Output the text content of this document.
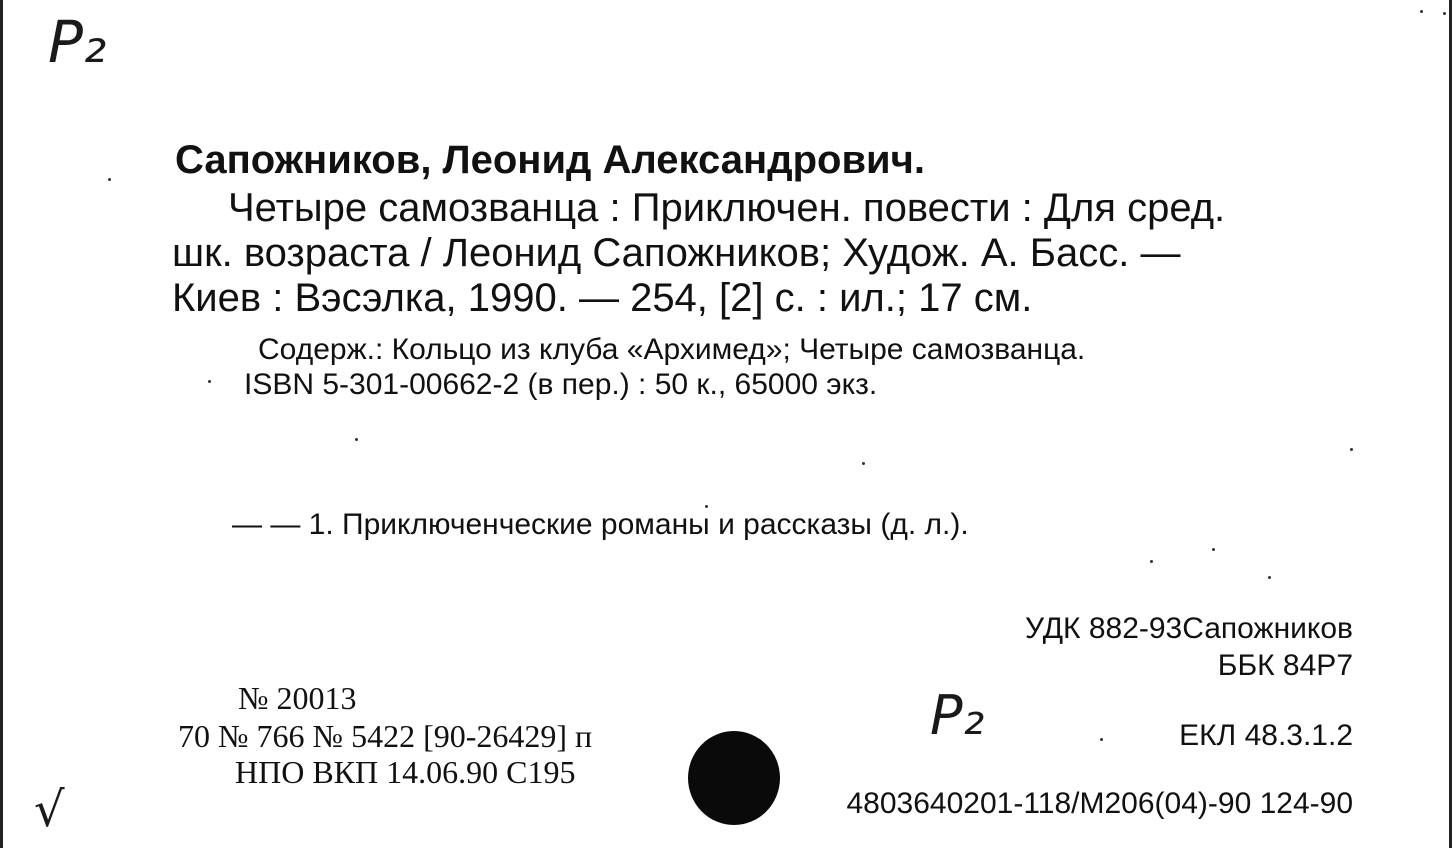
P₂
P₂
√
Сапожников, Леонид Александрович.
Четыре самозванца : Приключен. повести : Для сред.
шк. возраста / Леонид Сапожников; Худож. А. Басс. —
Киев : Вэсэлка, 1990. — 254, [2] с. : ил.; 17 см.
Содерж.: Кольцо из клуба «Архимед»; Четыре самозванца.
ISBN 5-301-00662-2 (в пер.) : 50 к., 65000 экз.
— — 1. Приключенческие романы и рассказы (д. л.).
УДК 882-93Сапожников
ББК 84Р7
ЕКЛ 48.3.1.2
4803640201-118/М206(04)-90 124-90
№ 20013
70 № 766 № 5422 [90-26429] п
НПО ВКП 14.06.90 С195
